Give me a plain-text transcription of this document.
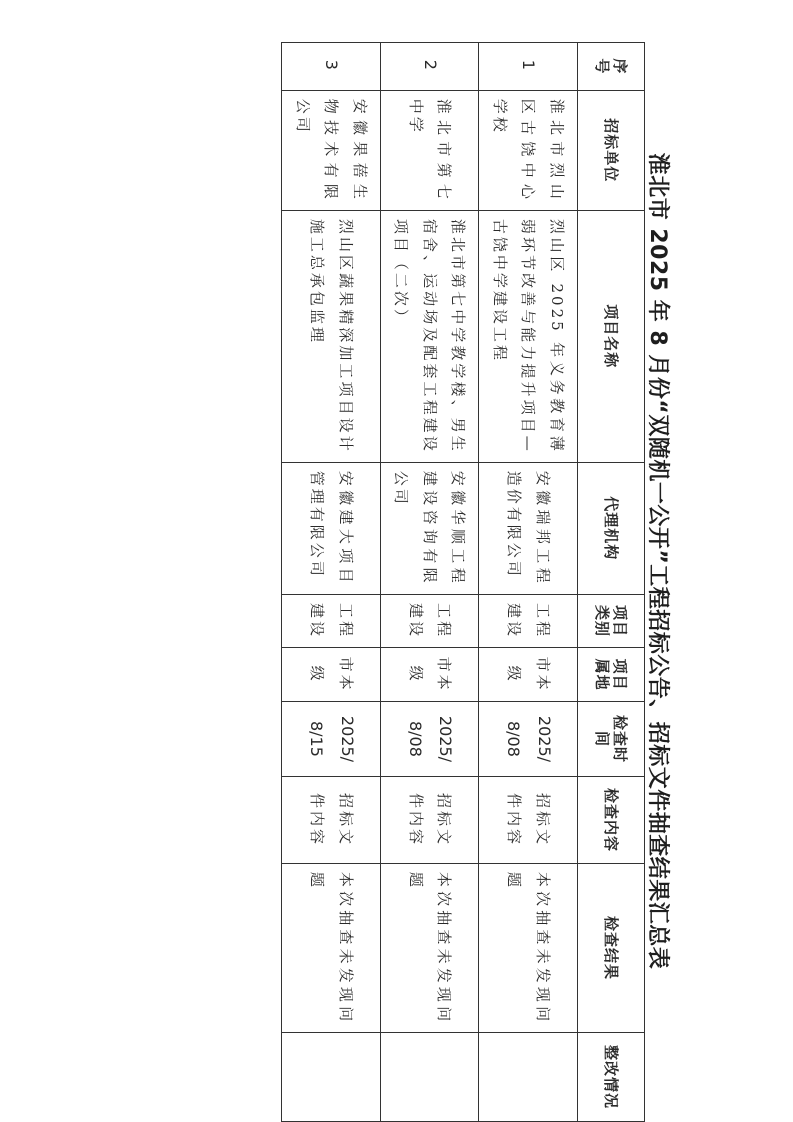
淮北市 2025 年 8 月份“双随机一公开”工程招标公告、招标文件抽查结果汇总表
序号	招标单位	项目名称	代理机构	项目类别	项目属地	检查时间	检查内容	检查结果	整改情况
1	淮北市烈山区古饶中心学校	烈山区 2025 年义务教育薄弱环节改善与能力提升项目—古饶中学建设工程	安徽瑞邦工程造价有限公司	工程建设	市本级	2025/8/08	招标文件内容	本次抽查未发现问题	
2	淮北市第七中学	淮北市第七中学教学楼、男生宿舍、运动场及配套工程建设项目（二次）	安徽华顺工程建设咨询有限公司	工程建设	市本级	2025/8/08	招标文件内容	本次抽查未发现问题	
3	安徽果蓓生物技术有限公司	烈山区蔬果精深加工项目设计施工总承包监理	安徽建大项目管理有限公司	工程建设	市本级	2025/8/15	招标文件内容	本次抽查未发现问题	
